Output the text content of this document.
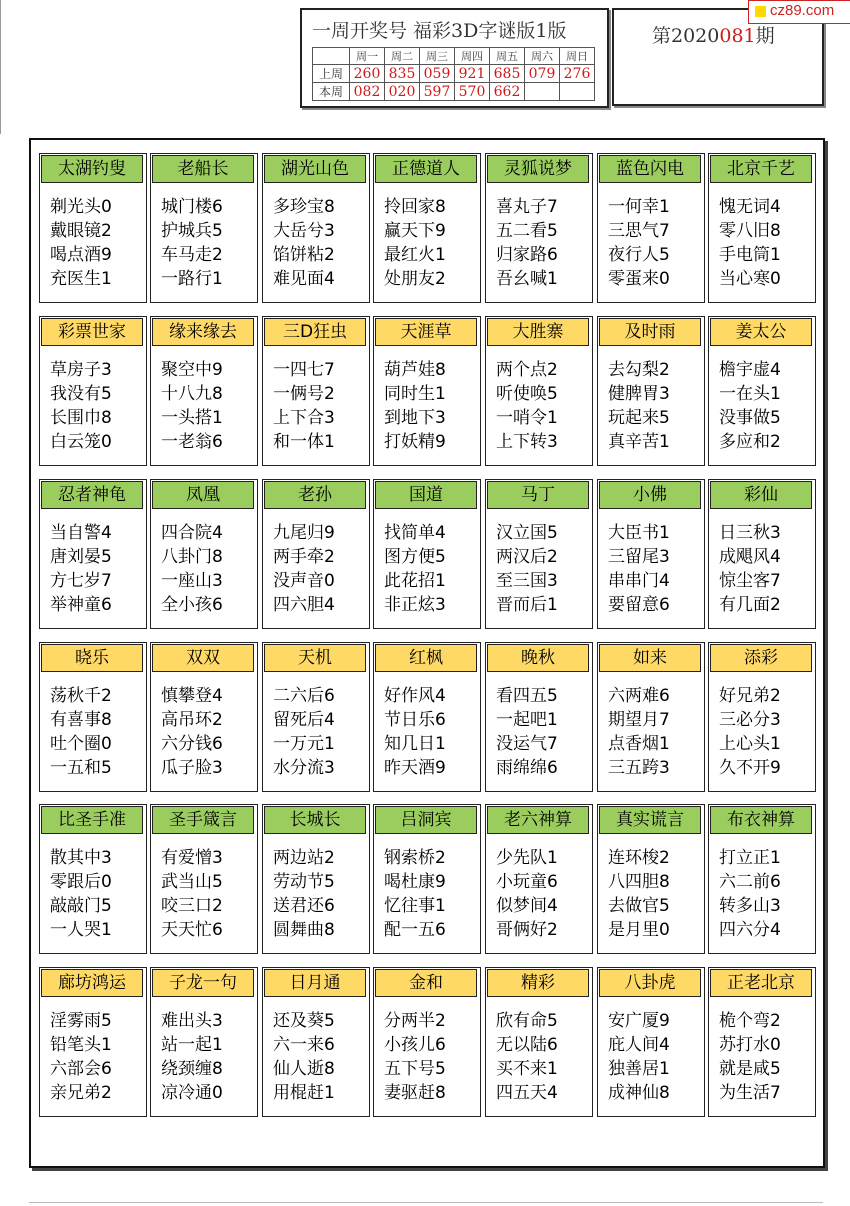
一周开奖号 福彩3D字谜版1版
	周一	周二	周三	周四	周五	周六	周日
上周	260	835	059	921	685	079	276
本周	082	020	597	570	662		
第2020081期
cz89.com
太湖钓叟
剃光头0
戴眼镜2
喝点酒9
充医生1
老船长
城门楼6
护城兵5
车马走2
一路行1
湖光山色
多珍宝8
大岳兮3
馅饼粘2
难见面4
正德道人
拎回家8
赢天下9
最红火1
处朋友2
灵狐说梦
喜丸子7
五二看5
归家路6
吾幺喊1
蓝色闪电
一何幸1
三思气7
夜行人5
零蛋来0
北京千艺
愧无词4
零八旧8
手电筒1
当心寒0
彩票世家
草房子3
我没有5
长围巾8
白云笼0
缘来缘去
聚空中9
十八九8
一头搭1
一老翁6
三D狂虫
一四七7
一俩号2
上下合3
和一体1
天涯草
葫芦娃8
同时生1
到地下3
打妖精9
大胜寨
两个点2
听使唤5
一哨令1
上下转3
及时雨
去勾梨2
健脾胃3
玩起来5
真辛苦1
姜太公
檐宇虚4
一在头1
没事做5
多应和2
忍者神龟
当自警4
唐刘晏5
方七岁7
举神童6
凤凰
四合院4
八卦门8
一座山3
全小孩6
老孙
九尾归9
两手牵2
没声音0
四六胆4
国道
找简单4
图方便5
此花招1
非正炫3
马丁
汉立国5
两汉后2
至三国3
晋而后1
小佛
大臣书1
三留尾3
串串门4
要留意6
彩仙
日三秋3
成飓风4
惊尘客7
有几面2
晓乐
荡秋千2
有喜事8
吐个圈0
一五和5
双双
慎攀登4
高吊环2
六分钱6
瓜子脸3
天机
二六后6
留死后4
一万元1
水分流3
红枫
好作风4
节日乐6
知几日1
昨天酒9
晚秋
看四五5
一起吧1
没运气7
雨绵绵6
如来
六两难6
期望月7
点香烟1
三五跨3
添彩
好兄弟2
三必分3
上心头1
久不开9
比圣手准
散其中3
零跟后0
敲敲门5
一人哭1
圣手箴言
有爱憎3
武当山5
咬三口2
天天忙6
长城长
两边站2
劳动节5
送君还6
圆舞曲8
吕洞宾
钢索桥2
喝杜康9
忆往事1
配一五6
老六神算
少先队1
小玩童6
似梦间4
哥俩好2
真实谎言
连环梭2
八四胆8
去做官5
是月里0
布衣神算
打立正1
六二前6
转多山3
四六分4
廊坊鸿运
淫雾雨5
铅笔头1
六部会6
亲兄弟2
子龙一句
难出头3
站一起1
绕颈缠8
凉冷通0
日月通
还及葵5
六一来6
仙人逝8
用棍赶1
金和
分两半2
小孩儿6
五下号5
妻驱赶8
精彩
欣有命5
无以陆6
买不来1
四五天4
八卦虎
安广厦9
庇人间4
独善居1
成神仙8
正老北京
桅个弯2
苏打水0
就是咸5
为生活7
